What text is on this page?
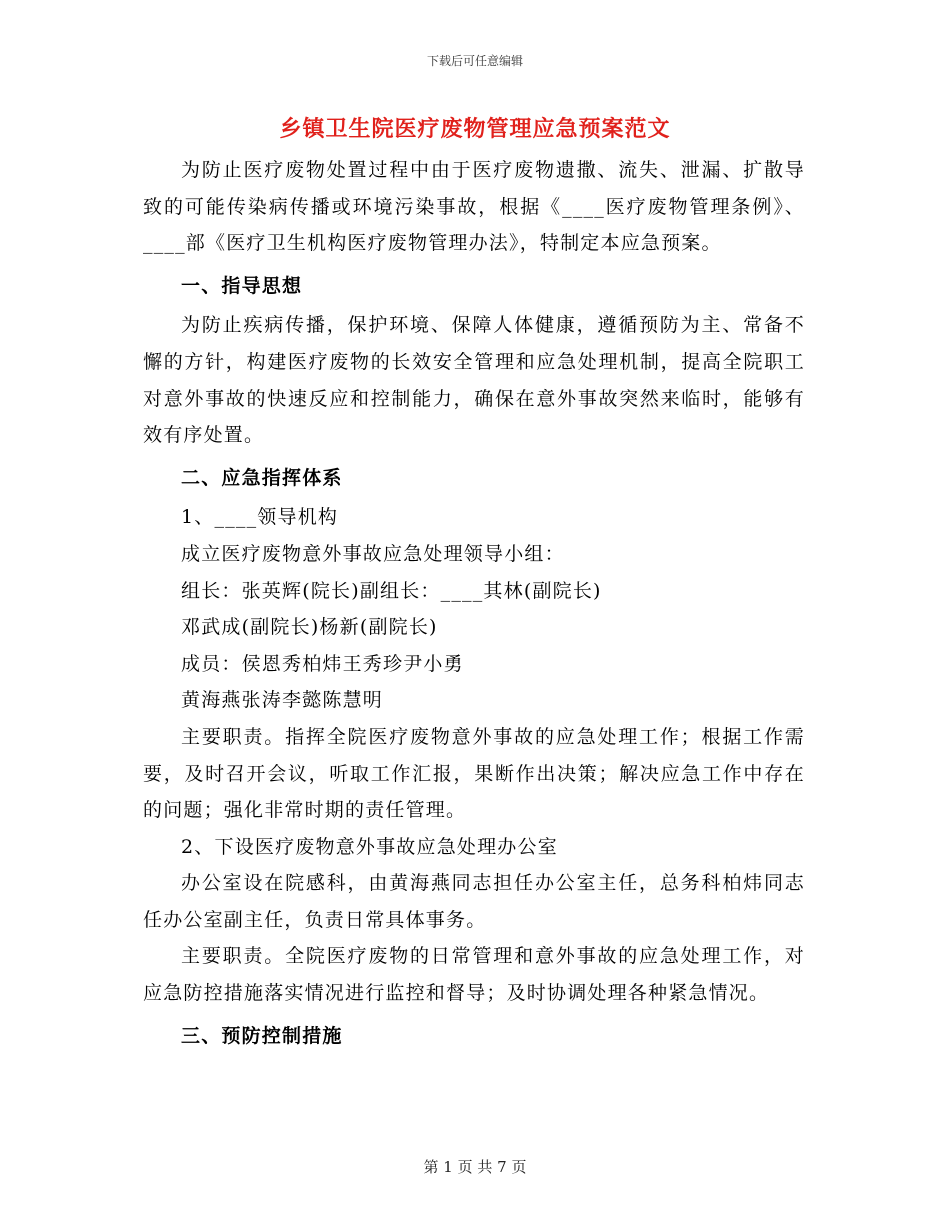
下载后可任意编辑
乡镇卫生院医疗废物管理应急预案范文

为防止医疗废物处置过程中由于医疗废物遗撒、流失、泄漏、扩散导致的可能传染病传播或环境污染事故，根据《____医疗废物管理条例》、____部《医疗卫生机构医疗废物管理办法》，特制定本应急预案。

一、指导思想

为防止疾病传播，保护环境、保障人体健康，遵循预防为主、常备不懈的方针，构建医疗废物的长效安全管理和应急处理机制，提高全院职工对意外事故的快速反应和控制能力，确保在意外事故突然来临时，能够有效有序处置。

二、应急指挥体系

1、____领导机构

成立医疗废物意外事故应急处理领导小组：

组长：张英辉(院长)副组长：____其林(副院长)

邓武成(副院长)杨新(副院长)

成员：侯恩秀柏炜王秀珍尹小勇

黄海燕张涛李懿陈慧明

主要职责。指挥全院医疗废物意外事故的应急处理工作；根据工作需要，及时召开会议，听取工作汇报，果断作出决策；解决应急工作中存在的问题；强化非常时期的责任管理。

2、下设医疗废物意外事故应急处理办公室

办公室设在院感科，由黄海燕同志担任办公室主任，总务科柏炜同志任办公室副主任，负责日常具体事务。

主要职责。全院医疗废物的日常管理和意外事故的应急处理工作，对应急防控措施落实情况进行监控和督导；及时协调处理各种紧急情况。

三、预防控制措施

第 1 页 共 7 页
